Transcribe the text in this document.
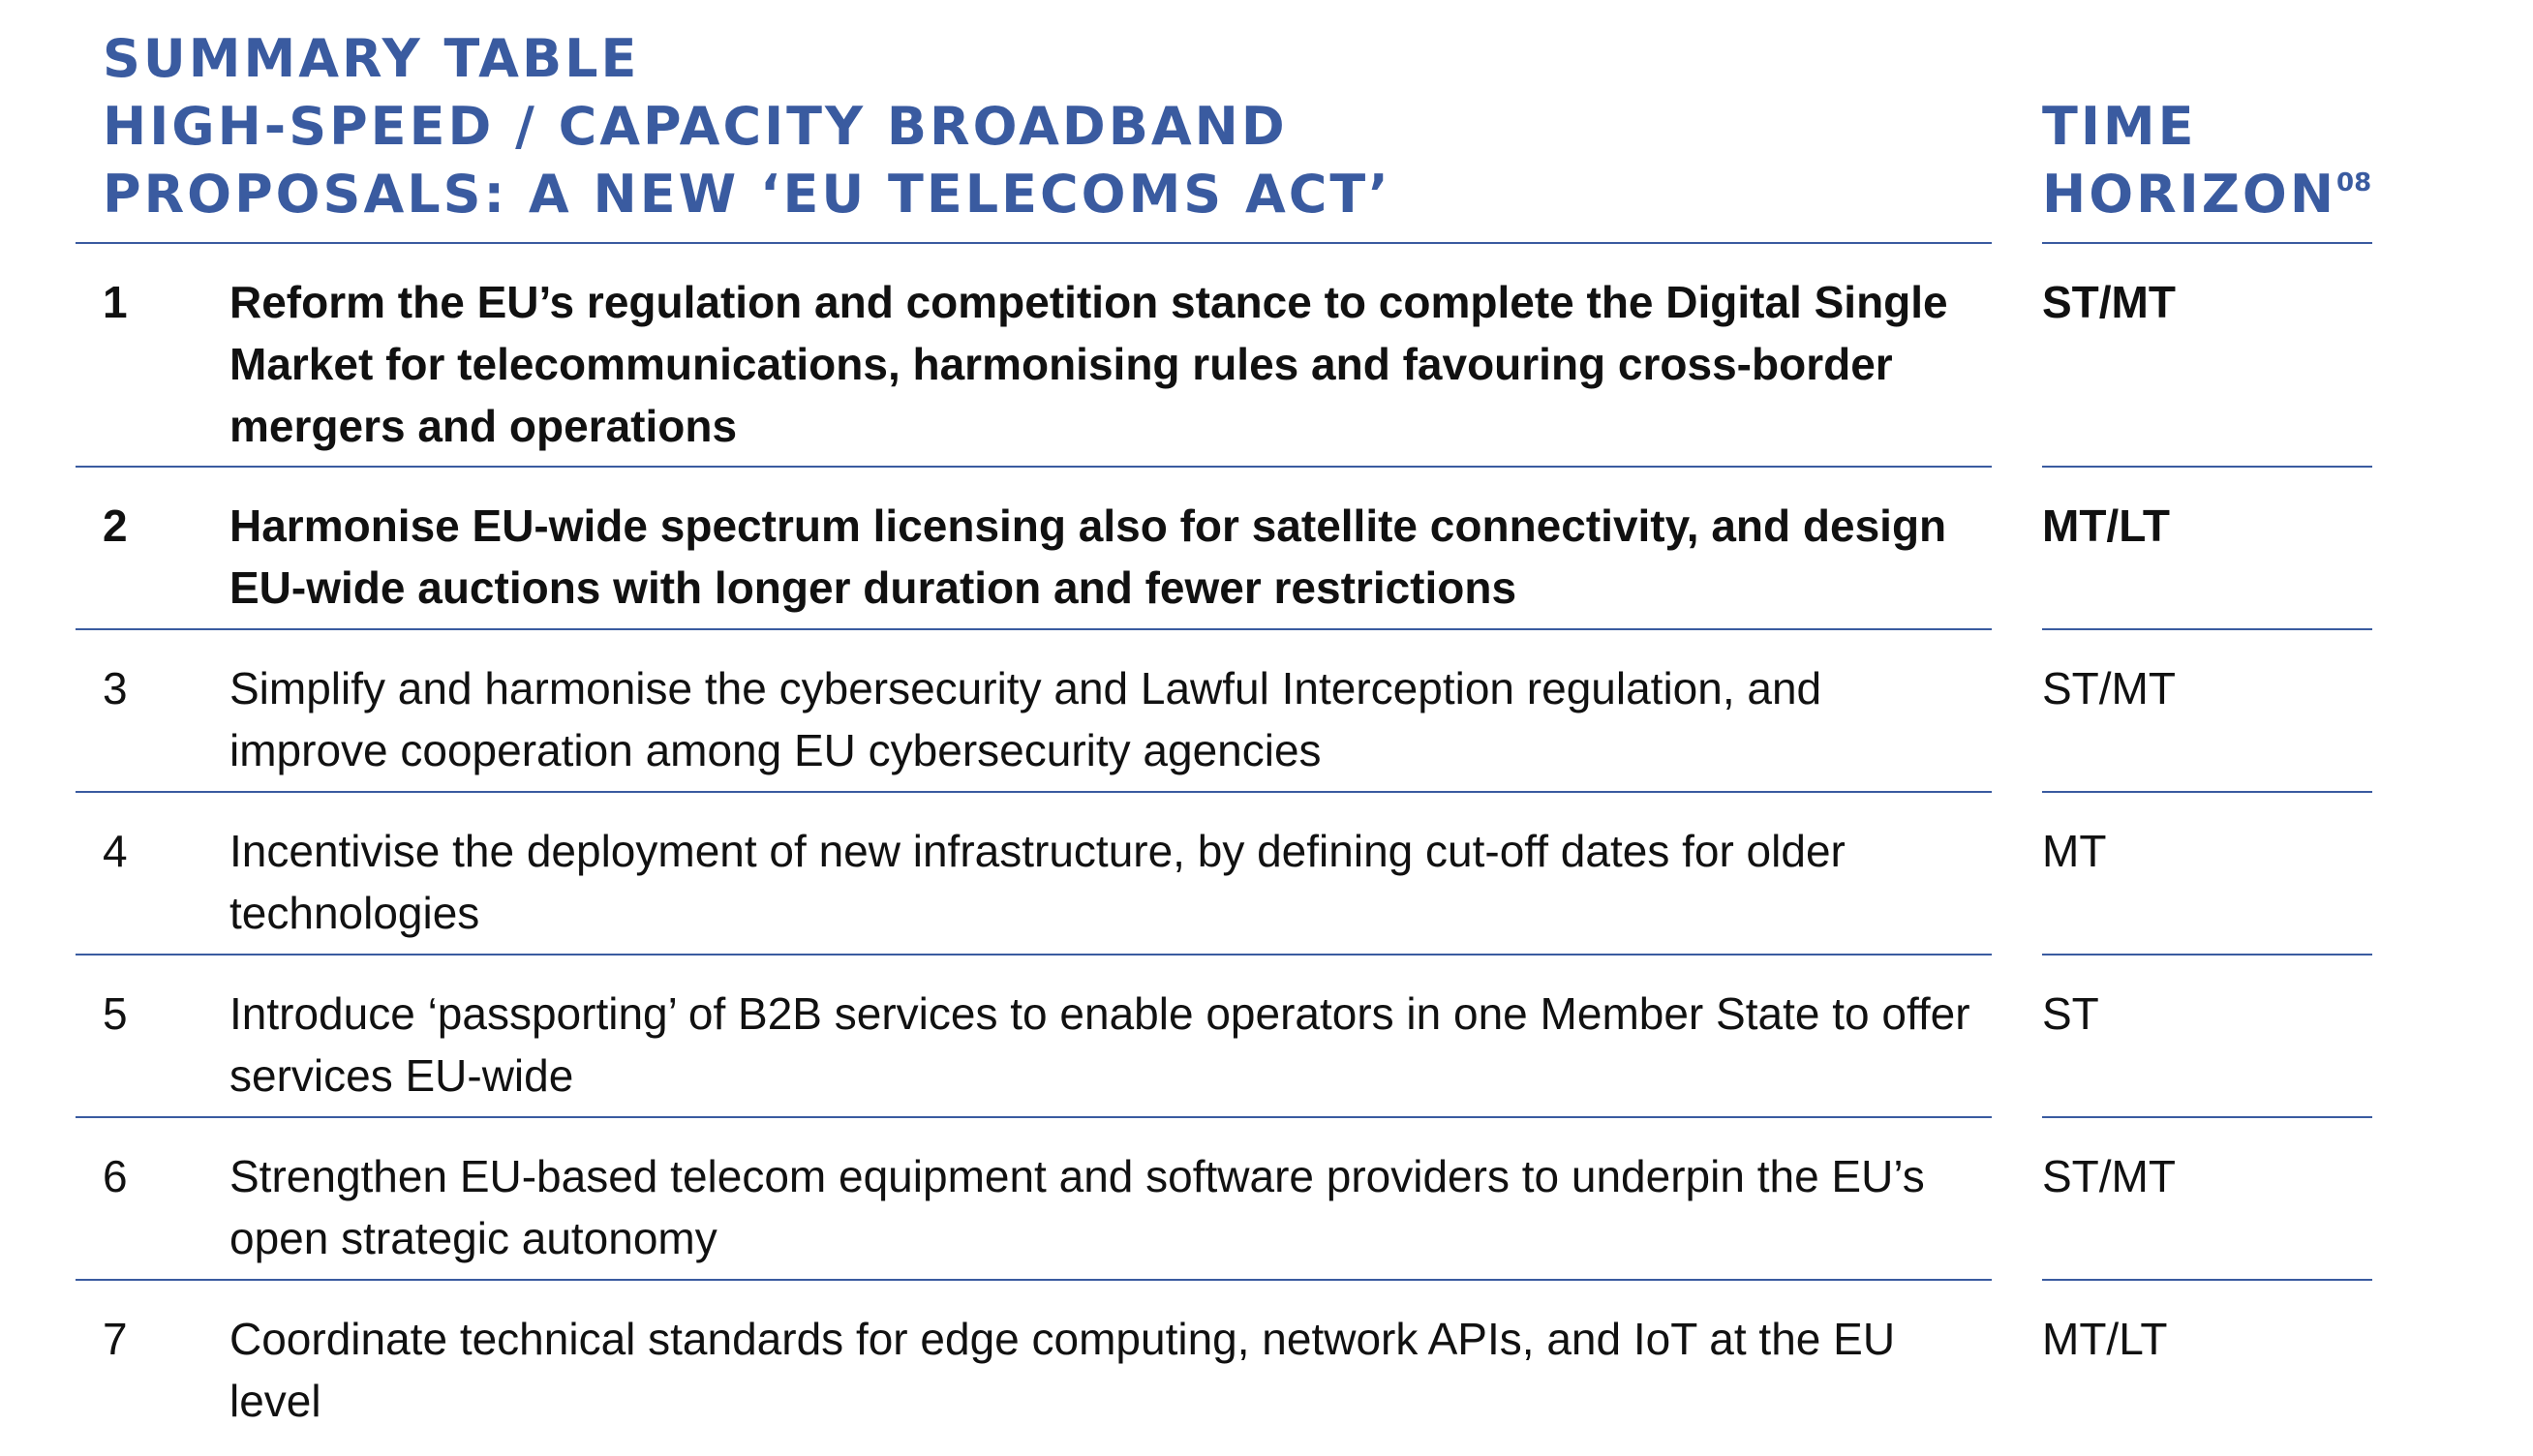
SUMMARY TABLE
HIGH-SPEED / CAPACITY BROADBAND
PROPOSALS: A NEW ‘EU TELECOMS ACT’
TIME
HORIZON$^{08}$
1 Reform the EU’s regulation and competition stance to complete the Digital Single Market for telecommunications, harmonising rules and favouring cross-border mergers and operations
ST/MT
2 Harmonise EU-wide spectrum licensing also for satellite connectivity, and design EU-wide auctions with longer duration and fewer restrictions
MT/LT
3 Simplify and harmonise the cybersecurity and Lawful Interception regulation, and improve cooperation among EU cybersecurity agencies
ST/MT
4 Incentivise the deployment of new infrastructure, by defining cut-off dates for older technologies
MT
5 Introduce ‘passporting’ of B2B services to enable operators in one Member State to offer services EU-wide
ST
6 Strengthen EU-based telecom equipment and software providers to underpin the EU’s open strategic autonomy
ST/MT
7 Coordinate technical standards for edge computing, network APIs, and IoT at the EU level
MT/LT
